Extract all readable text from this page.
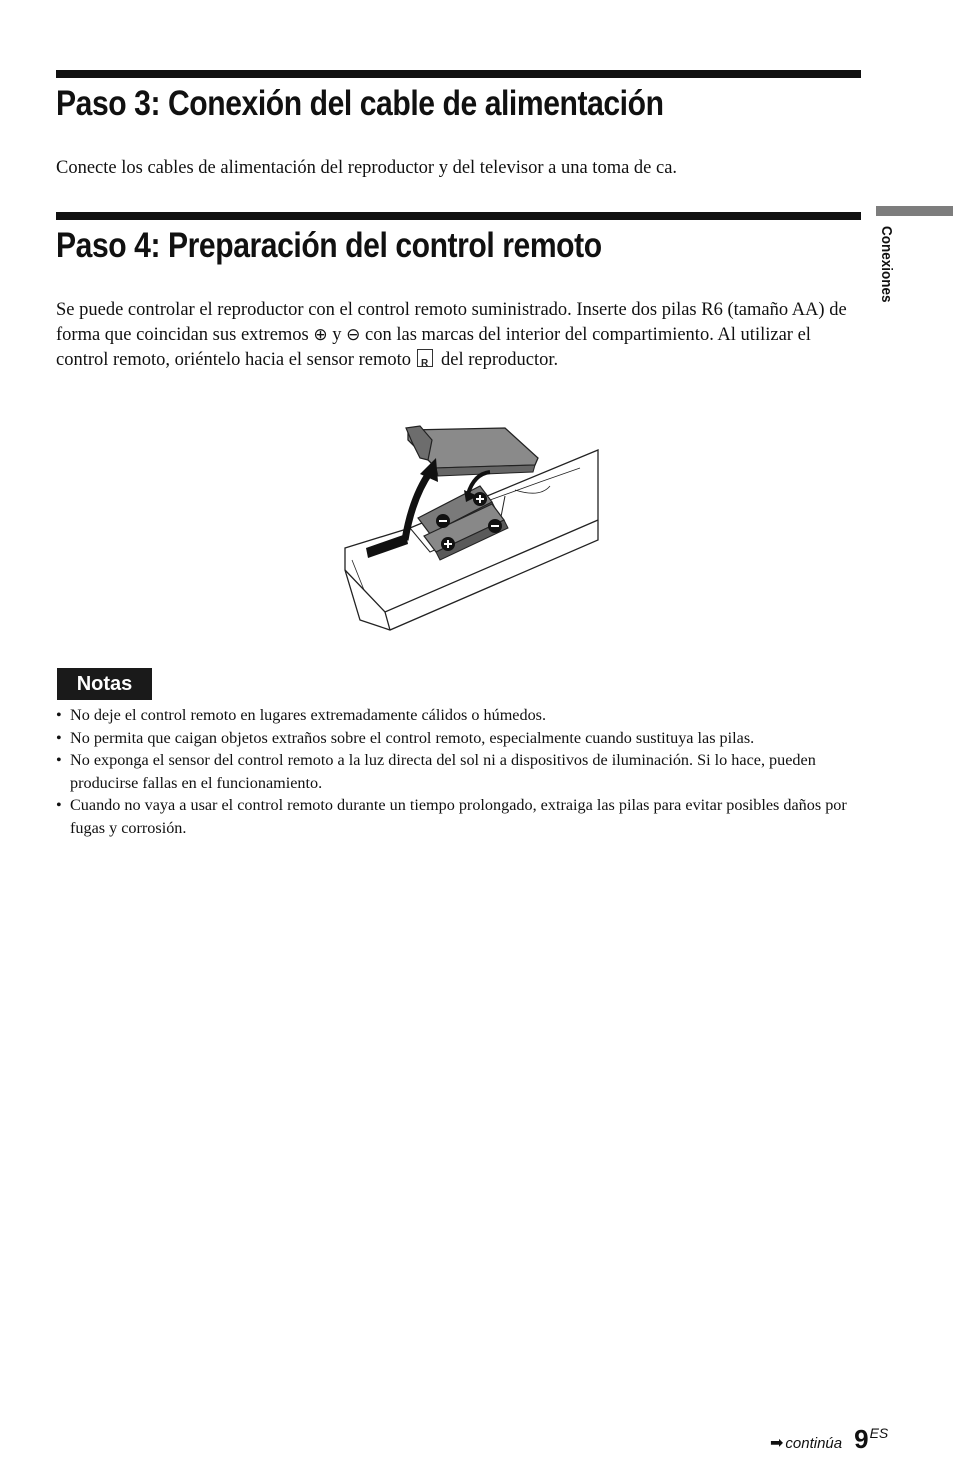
Paso 3: Conexión del cable de alimentación

Conecte los cables de alimentación del reproductor y del televisor a una toma de ca.

Paso 4: Preparación del control remoto

Se puede controlar el reproductor con el control remoto suministrado. Inserte dos pilas R6 (tamaño AA) de forma que coincidan sus extremos ⊕ y ⊖ con las marcas del interior del compartimiento. Al utilizar el control remoto, oriéntelo hacia el sensor remotoR del reproductor.

Conexiones
Notas
• No deje el control remoto en lugares extremadamente cálidos o húmedos.
• No permita que caigan objetos extraños sobre el control remoto, especialmente cuando sustituya las pilas.
• No exponga el sensor del control remoto a la luz directa del sol ni a dispositivos de iluminación. Si lo hace, pueden producirse fallas en el funcionamiento.
• Cuando no vaya a usar el control remoto durante un tiempo prolongado, extraiga las pilas para evitar posibles daños por fugas y corrosión.
➡ continúa 9 ES
